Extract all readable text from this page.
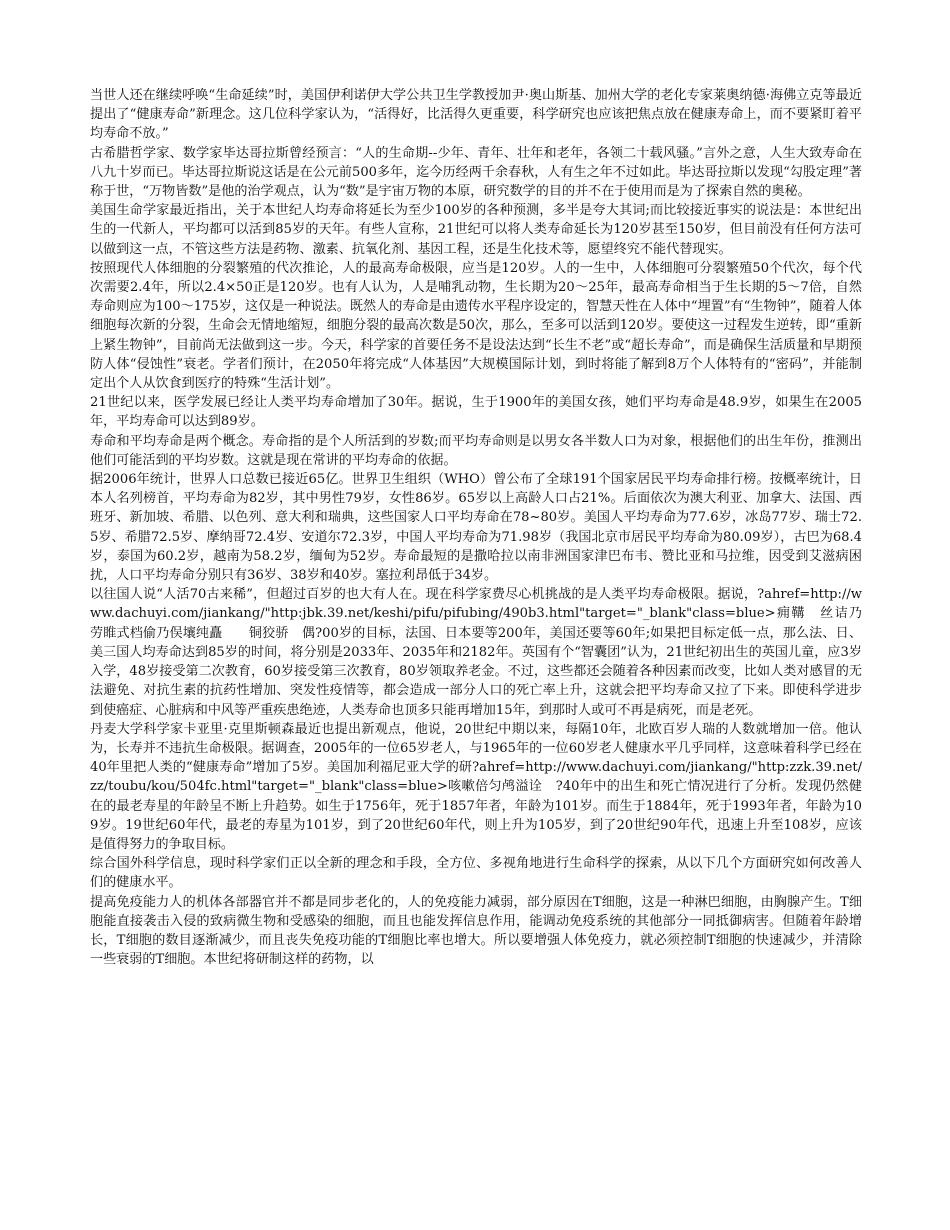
当世人还在继续呼唤“生命延续”时，美国伊利诺伊大学公共卫生学教授加尹·奥山斯基、加州大学的老化专家莱奥纳德·海佛立克等最近提出了“健康寿命”新理念。这几位科学家认为，“活得好，比活得久更重要，科学研究也应该把焦点放在健康寿命上，而不要紧盯着平均寿命不放。”

古希腊哲学家、数学家毕达哥拉斯曾经预言：“人的生命期--少年、青年、壮年和老年，各领二十载风骚。”言外之意，人生大致寿命在八九十岁而已。毕达哥拉斯说这话是在公元前500多年，迄今历经两千余春秋，人有生之年不过如此。毕达哥拉斯以发现“勾股定理”著称于世，“万物皆数”是他的治学观点，认为“数”是宇宙万物的本原，研究数学的目的并不在于使用而是为了探索自然的奥秘。

美国生命学家最近指出，关于本世纪人均寿命将延长为至少100岁的各种预测，多半是夸大其词;而比较接近事实的说法是：本世纪出生的一代新人，平均都可以活到85岁的天年。有些人宣称，21世纪可以将人类寿命延长为120岁甚至150岁，但目前没有任何方法可以做到这一点，不管这些方法是药物、激素、抗氧化剂、基因工程，还是生化技术等，愿望终究不能代替现实。

按照现代人体细胞的分裂繁殖的代次推论，人的最高寿命极限，应当是120岁。人的一生中，人体细胞可分裂繁殖50个代次，每个代次需要2.4年，所以2.4×50正是120岁。也有人认为，人是哺乳动物，生长期为20～25年，最高寿命相当于生长期的5～7倍，自然寿命则应为100～175岁，这仅是一种说法。既然人的寿命是由遗传水平程序设定的，智慧天性在人体中“埋置”有“生物钟”，随着人体细胞每次新的分裂，生命会无情地缩短，细胞分裂的最高次数是50次，那么，至多可以活到120岁。要使这一过程发生逆转，即“重新上紧生物钟”，目前尚无法做到这一步。今天，科学家的首要任务不是设法达到“长生不老”或“超长寿命”，而是确保生活质量和早期预防人体“侵蚀性”衰老。学者们预计，在2050年将完成“人体基因”大规模国际计划，到时将能了解到8万个人体特有的“密码”，并能制定出个人从饮食到医疗的特殊“生活计划”。

21世纪以来，医学发展已经让人类平均寿命增加了30年。据说，生于1900年的美国女孩，她们平均寿命是48.9岁，如果生在2005年，平均寿命可以达到89岁。

寿命和平均寿命是两个概念。寿命指的是个人所活到的岁数;而平均寿命则是以男女各半数人口为对象，根据他们的出生年份，推测出他们可能活到的平均岁数。这就是现在常讲的平均寿命的依据。

据2006年统计，世界人口总数已接近65亿。世界卫生组织（WHO）曾公布了全球191个国家居民平均寿命排行榜。按概率统计，日本人名列榜首，平均寿命为82岁，其中男性79岁，女性86岁。65岁以上高龄人口占21%。后面依次为澳大利亚、加拿大、法国、西班牙、新加坡、希腊、以色列、意大利和瑞典，这些国家人口平均寿命在78~80岁。美国人平均寿命为77.6岁，冰岛77岁、瑞士72.5岁、希腊72.5岁、摩纳哥72.4岁、安道尔72.3岁，中国人平均寿命为71.98岁（我国北京市居民平均寿命为80.09岁），古巴为68.4岁，泰国为60.2岁，越南为58.2岁，缅甸为52岁。寿命最短的是撒哈拉以南非洲国家津巴布韦、赞比亚和马拉维，因受到艾滋病困扰，人口平均寿命分别只有36岁、38岁和40岁。塞拉利昂低于34岁。

以往国人说“人活70古来稀”，但超过百岁的也大有人在。现在科学家费尽心机挑战的是人类平均寿命极限。据说，?ahref=http://www.dachuyi.com/jiankang/"http:jbk.39.net/keshi/pifu/pifubing/490b3.html"target="_blank"class=blue>痈鞲　丝诘乃劳睢式档偷乃俣壤纯矗　　铜狡骄　偶?00岁的目标，法国、日本要等200年，美国还要等60年;如果把目标定低一点，那么法、日、美三国人均寿命达到85岁的时间，将分别是2033年、2035年和2182年。英国有个“智囊团”认为，21世纪初出生的英国儿童，应3岁入学，48岁接受第二次教育，60岁接受第三次教育，80岁领取养老金。不过，这些都还会随着各种因素而改变，比如人类对感冒的无法避免、对抗生素的抗药性增加、突发性疫情等，都会造成一部分人口的死亡率上升，这就会把平均寿命又拉了下来。即使科学进步到使癌症、心脏病和中风等严重疾患绝迹，人类寿命也顶多只能再增加15年，到那时人或可不再是病死，而是老死。

丹麦大学科学家卡亚里·克里斯顿森最近也提出新观点，他说，20世纪中期以来，每隔10年，北欧百岁人瑞的人数就增加一倍。他认为，长寿并不违抗生命极限。据调查，2005年的一位65岁老人，与1965年的一位60岁老人健康水平几乎同样，这意味着科学已经在40年里把人类的“健康寿命”增加了5岁。美国加利福尼亚大学的研?ahref=http://www.dachuyi.com/jiankang/"http:zzk.39.net/zz/toubu/kou/504fc.html"target="_blank"class=blue>咳嗽倍匀鸬溢诠　?40年中的出生和死亡情况进行了分析。发现仍然健在的最老寿星的年龄呈不断上升趋势。如生于1756年，死于1857年者，年龄为101岁。而生于1884年，死于1993年者，年龄为109岁。19世纪60年代，最老的寿星为101岁，到了20世纪60年代，则上升为105岁，到了20世纪90年代，迅速上升至108岁，应该是值得努力的争取目标。

综合国外科学信息，现时科学家们正以全新的理念和手段，全方位、多视角地进行生命科学的探索，从以下几个方面研究如何改善人们的健康水平。

提高免疫能力人的机体各部器官并不都是同步老化的，人的免疫能力减弱，部分原因在T细胞，这是一种淋巴细胞，由胸腺产生。T细胞能直接袭击入侵的致病微生物和受感染的细胞，而且也能发挥信息作用，能调动免疫系统的其他部分一同抵御病害。但随着年龄增长，T细胞的数目逐渐减少，而且丧失免疫功能的T细胞比率也增大。所以要增强人体免疫力，就必须控制T细胞的快速减少，并清除一些衰弱的T细胞。本世纪将研制这样的药物，以
